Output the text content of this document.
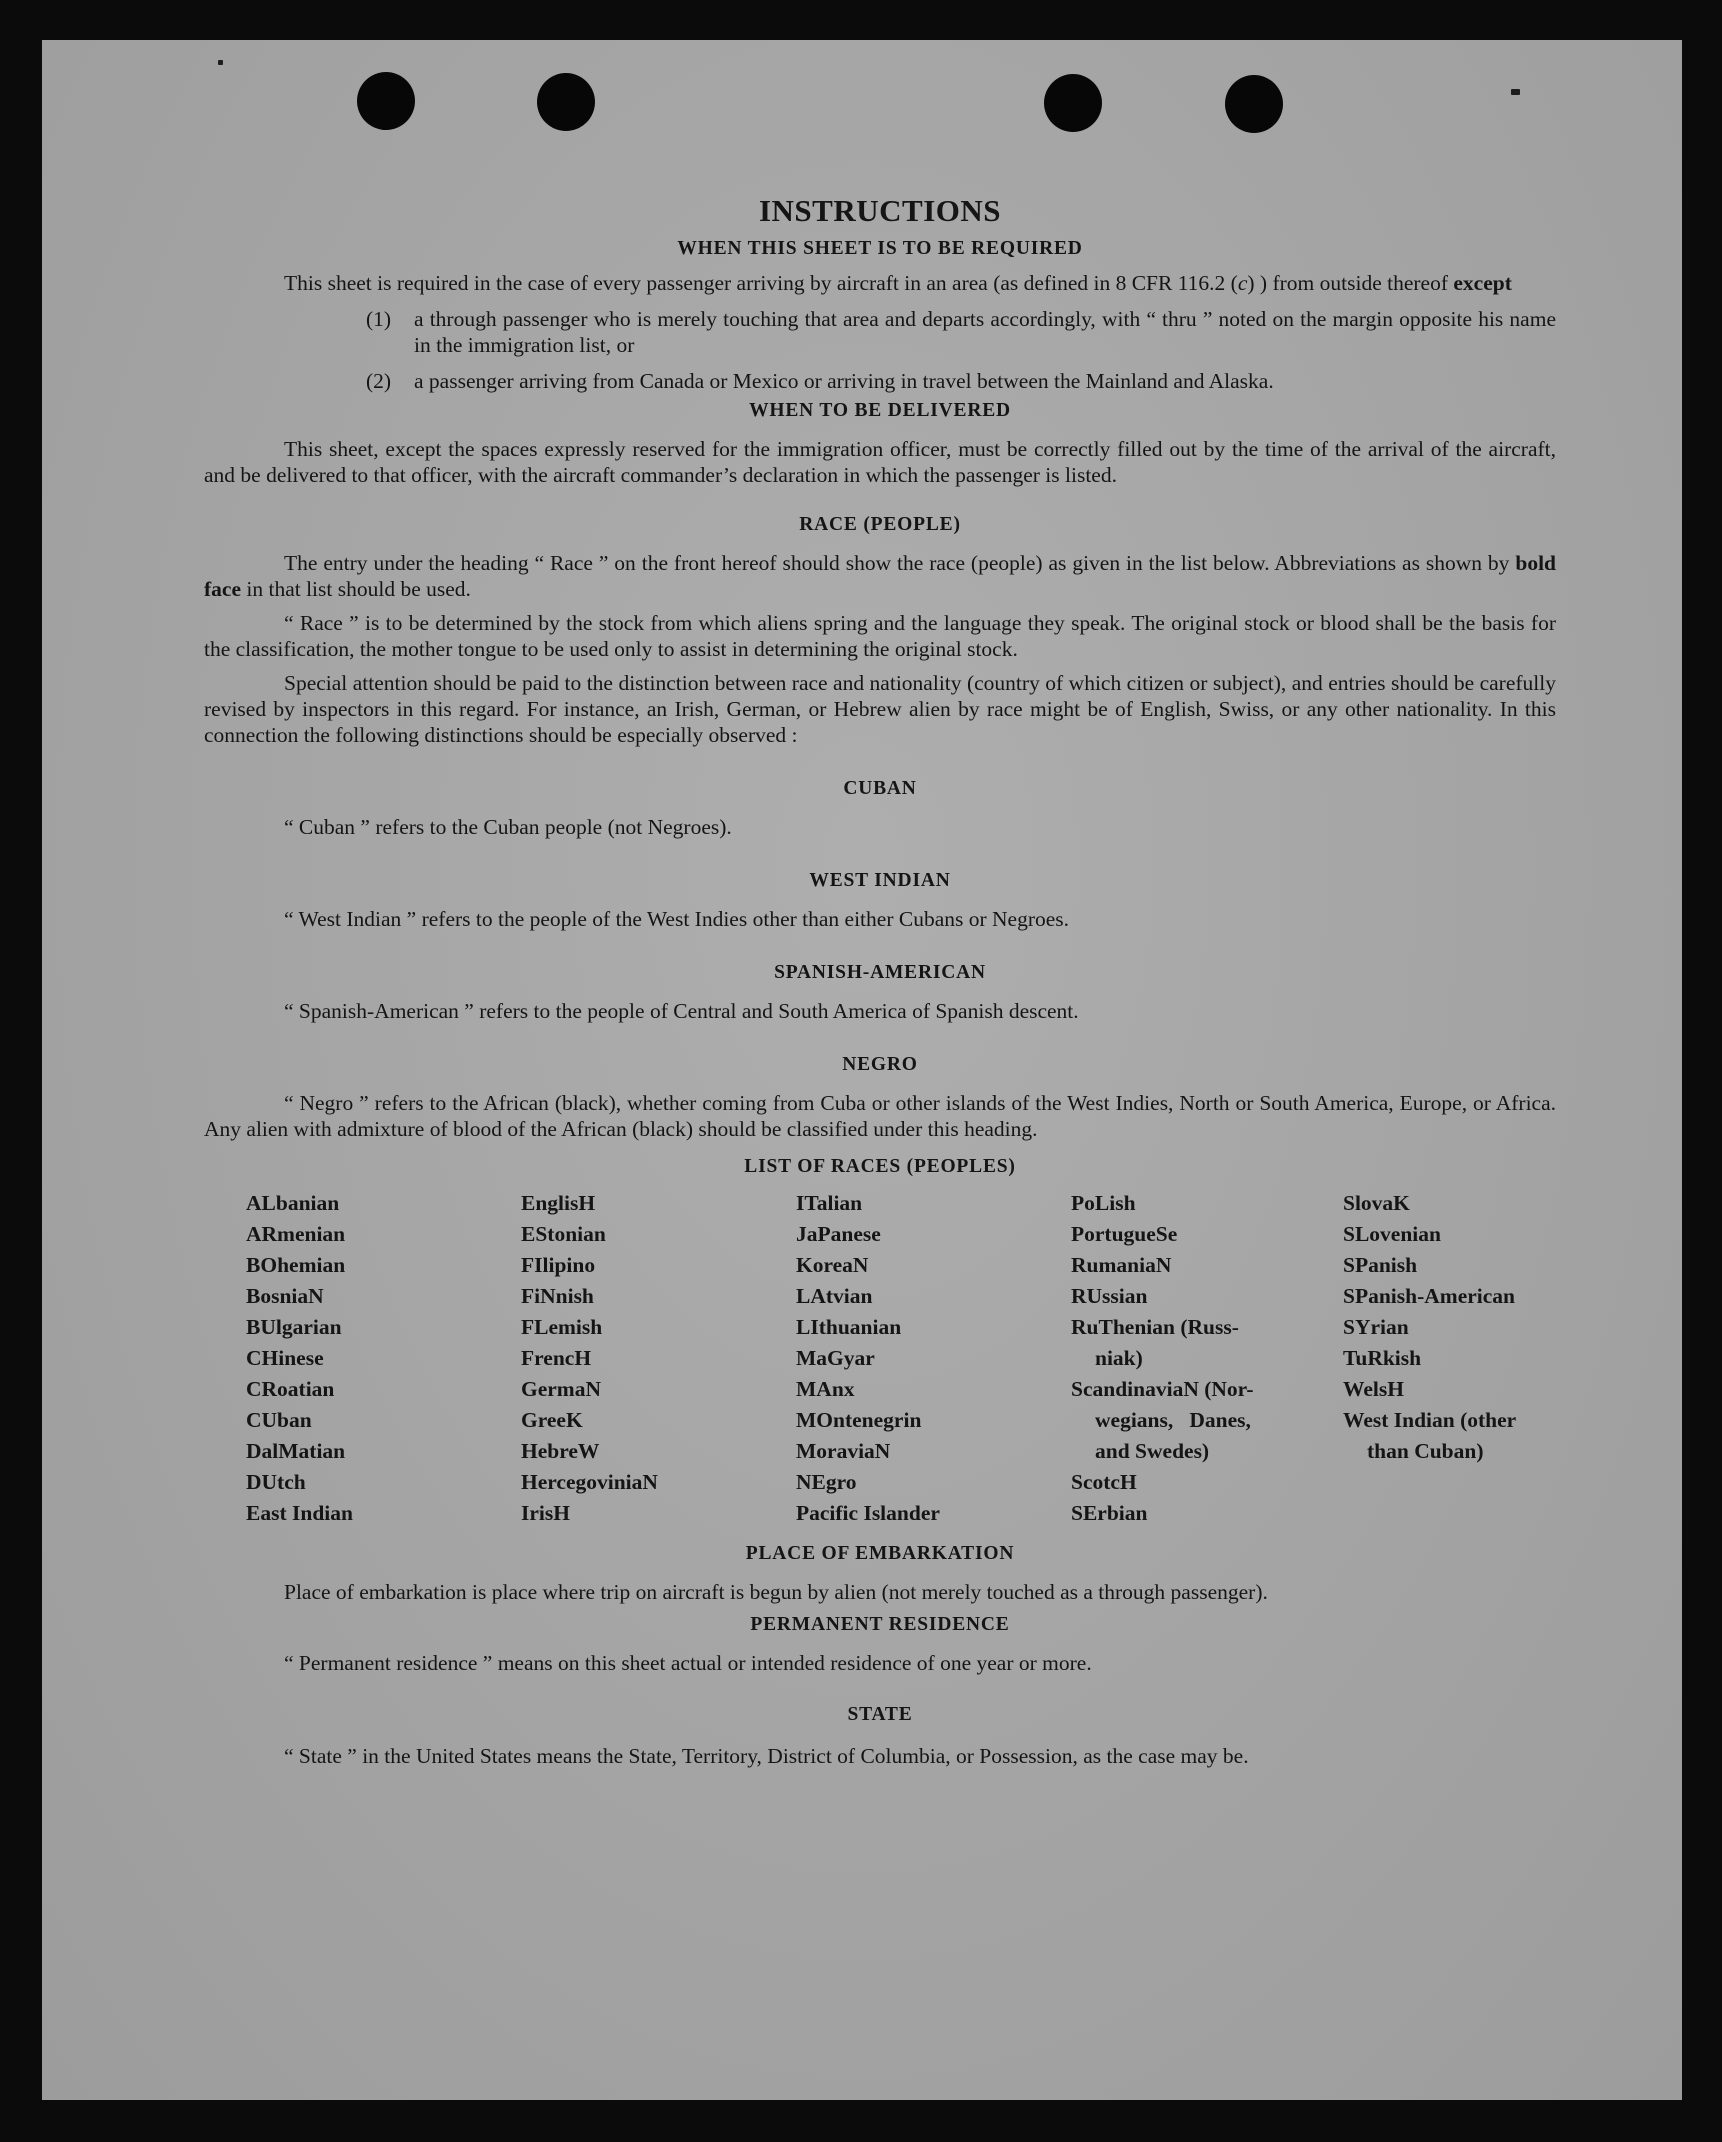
INSTRUCTIONS
WHEN THIS SHEET IS TO BE REQUIRED

This sheet is required in the case of every passenger arriving by aircraft in an area (as defined in 8 CFR 116.2 (c) ) from outside thereof except

(1)	a through passenger who is merely touching that area and departs accordingly, with “ thru ” noted on the margin opposite his name in the immigration list, or
(2)	a passenger arriving from Canada or Mexico or arriving in travel between the Mainland and Alaska.
WHEN TO BE DELIVERED

This sheet, except the spaces expressly reserved for the immigration officer, must be correctly filled out by the time of the arrival of the aircraft, and be delivered to that officer, with the aircraft commander’s declaration in which the passenger is listed.

RACE (PEOPLE)

The entry under the heading “ Race ” on the front hereof should show the race (people) as given in the list below. Abbreviations as shown by bold face in that list should be used.

“ Race ” is to be determined by the stock from which aliens spring and the language they speak. The original stock or blood shall be the basis for the classification, the mother tongue to be used only to assist in determining the original stock.

Special attention should be paid to the distinction between race and nationality (country of which citizen or subject), and entries should be carefully revised by inspectors in this regard. For instance, an Irish, German, or Hebrew alien by race might be of English, Swiss, or any other nationality. In this connection the following distinctions should be especially observed :

CUBAN

“ Cuban ” refers to the Cuban people (not Negroes).

WEST INDIAN

“ West Indian ” refers to the people of the West Indies other than either Cubans or Negroes.

SPANISH-AMERICAN

“ Spanish-American ” refers to the people of Central and South America of Spanish descent.

NEGRO

“ Negro ” refers to the African (black), whether coming from Cuba or other islands of the West Indies, North or South America, Europe, or Africa. Any alien with admixture of blood of the African (black) should be classified under this heading.

LIST OF RACES (PEOPLES)
ALbanian
ARmenian
BOhemian
BosniaN
BUlgarian
CHinese
CRoatian
CUban
DalMatian
DUtch
East Indian
EnglisH
EStonian
FIlipino
FiNnish
FLemish
FrencH
GermaN
GreeK
HebreW
HercegoviniaN
IrisH
ITalian
JaPanese
KoreaN
LAtvian
LIthuanian
MaGyar
MAnx
MOntenegrin
MoraviaN
NEgro
Pacific Islander
PoLish
PortugueSe
RumaniaN
RUssian
RuThenian (Russ-
niak)
ScandinaviaN (Nor-
wegians,   Danes,
and Swedes)
ScotcH
SErbian
SlovaK
SLovenian
SPanish
SPanish-American
SYrian
TuRkish
WelsH
West Indian (other
than Cuban)
PLACE OF EMBARKATION

Place of embarkation is place where trip on aircraft is begun by alien (not merely touched as a through passenger).

PERMANENT RESIDENCE

“ Permanent residence ” means on this sheet actual or intended residence of one year or more.

STATE

“ State ” in the United States means the State, Territory, District of Columbia, or Possession, as the case may be.
